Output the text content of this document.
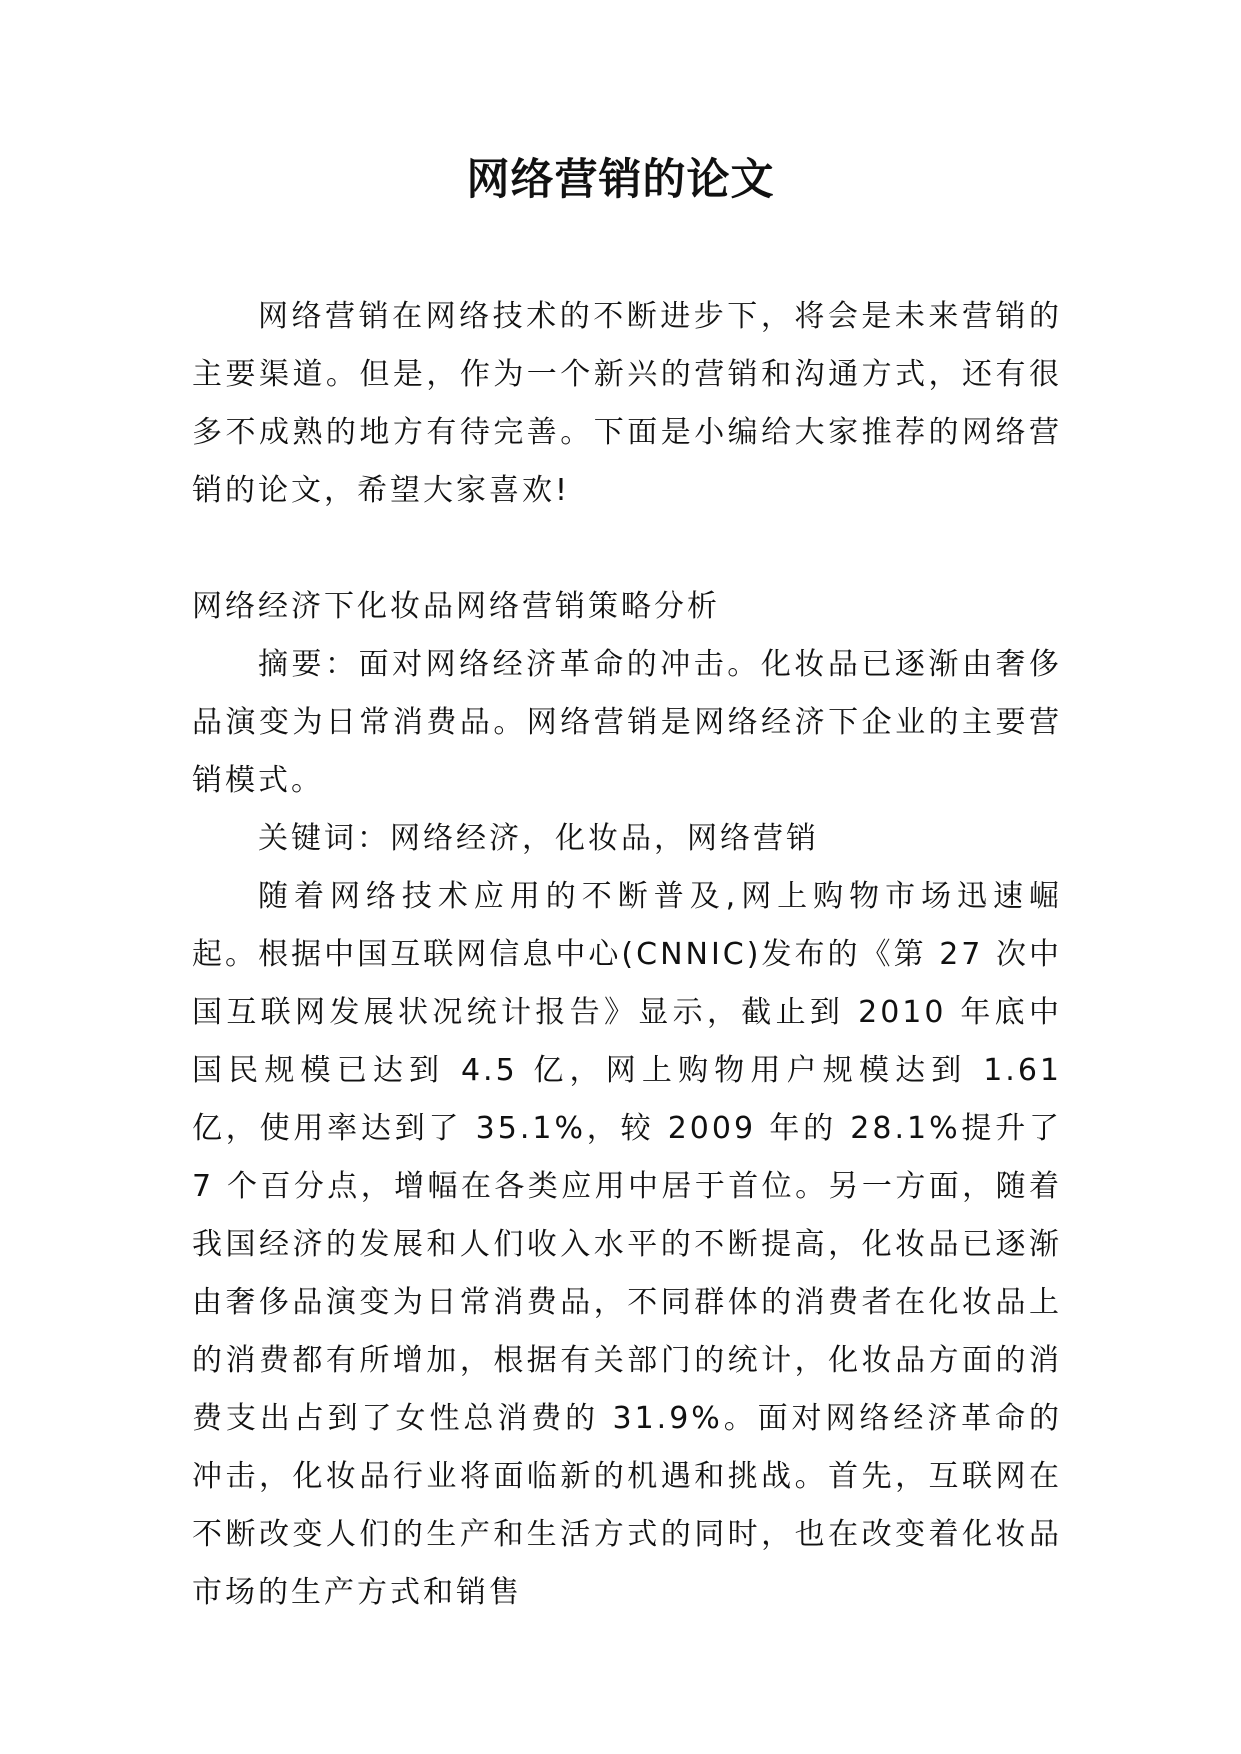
网络营销的论文

网络营销在网络技术的不断进步下，将会是未来营销的主要渠道。但是，作为一个新兴的营销和沟通方式，还有很多不成熟的地方有待完善。下面是小编给大家推荐的网络营销的论文，希望大家喜欢!

网络经济下化妆品网络营销策略分析

摘要：面对网络经济革命的冲击。化妆品已逐渐由奢侈品演变为日常消费品。网络营销是网络经济下企业的主要营销模式。

关键词：网络经济，化妆品，网络营销

随着网络技术应用的不断普及,网上购物市场迅速崛起。根据中国互联网信息中心(CNNIC)发布的《第 27 次中国互联网发展状况统计报告》显示，截止到 2010 年底中国民规模已达到 4.5 亿，网上购物用户规模达到 1.61 亿，使用率达到了 35.1%，较 2009 年的 28.1%提升了 7 个百分点，增幅在各类应用中居于首位。另一方面，随着我国经济的发展和人们收入水平的不断提高，化妆品已逐渐由奢侈品演变为日常消费品，不同群体的消费者在化妆品上的消费都有所增加，根据有关部门的统计，化妆品方面的消费支出占到了女性总消费的 31.9%。面对网络经济革命的冲击，化妆品行业将面临新的机遇和挑战。首先，互联网在不断改变人们的生产和生活方式的同时，也在改变着化妆品市场的生产方式和销售
